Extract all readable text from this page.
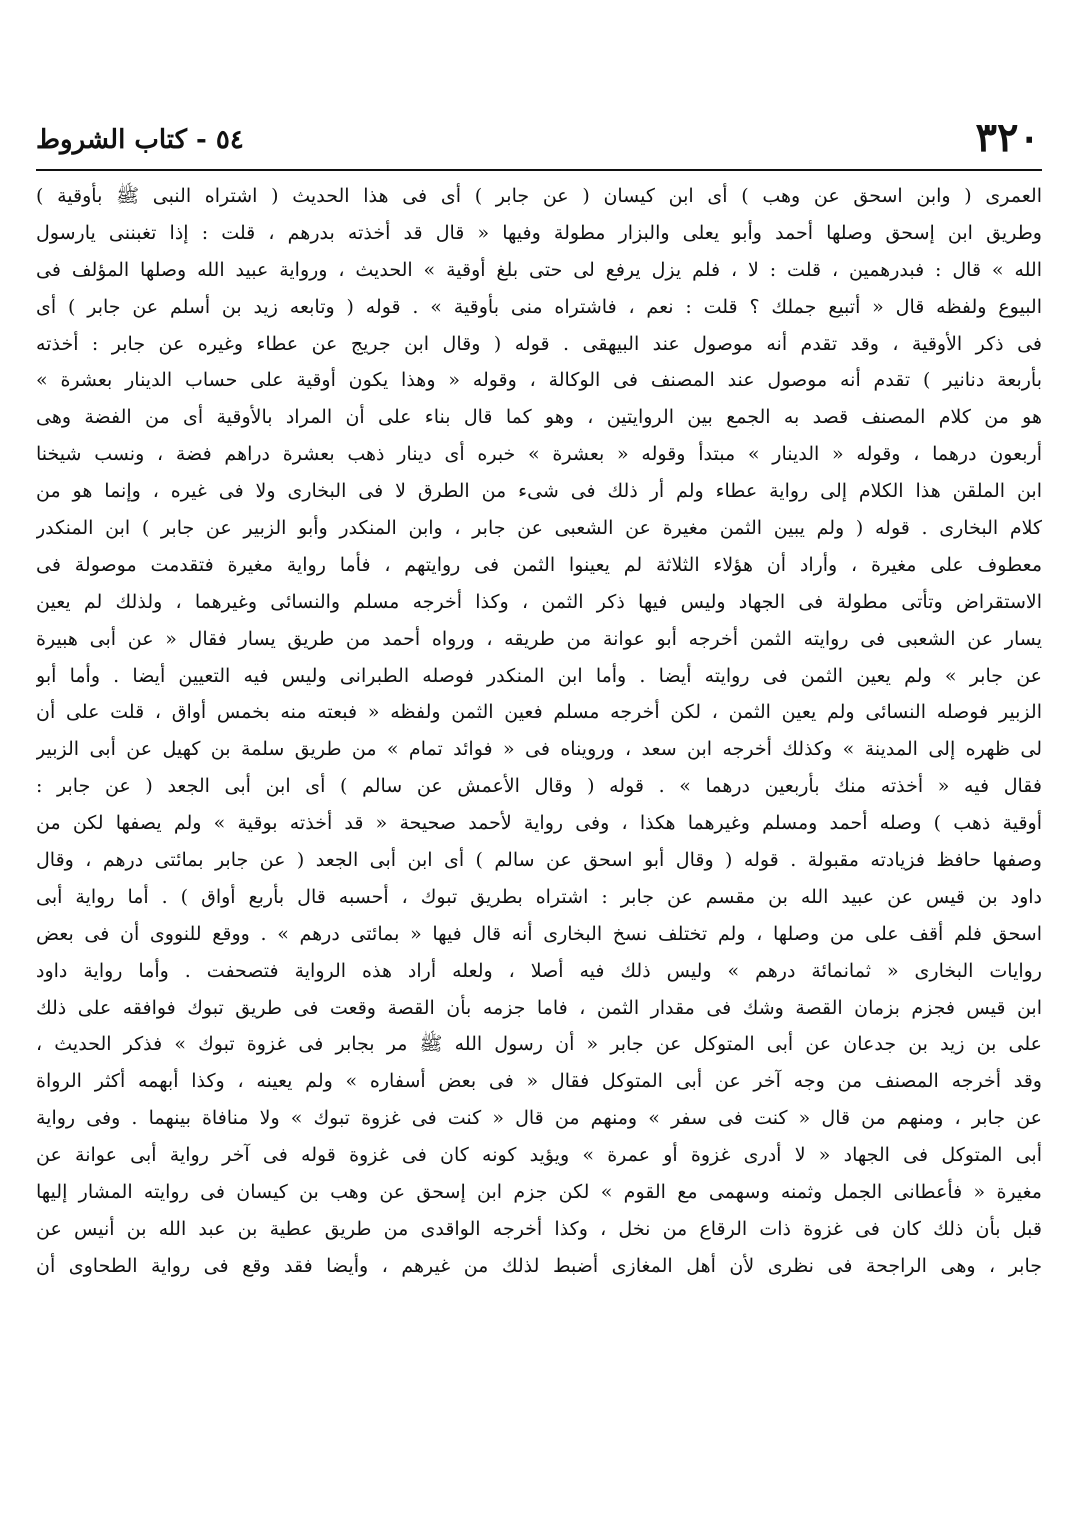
٣٢٠
٥٤ - كتاب الشروط
العمرى ( وابن اسحق عن وهب ) أى ابن كيسان ( عن جابر ) أى فى هذا الحديث ( اشتراه النبى ﷺ بأوقية )
وطريق ابن إسحق وصلها أحمد وأبو يعلى والبزار مطولة وفيها « قال قد أخذته بدرهم ، قلت : إذا تغبننى يارسول
الله » قال : فبدرهمين ، قلت : لا ، فلم يزل يرفع لى حتى بلغ أوقية » الحديث ، ورواية عبيد الله وصلها المؤلف فى
البيوع ولفظه قال « أتبيع جملك ؟ قلت : نعم ، فاشتراه منى بأوقية » . قوله ( وتابعه زيد بن أسلم عن جابر ) أى
فى ذكر الأوقية ، وقد تقدم أنه موصول عند البيهقى . قوله ( وقال ابن جريج عن عطاء وغيره عن جابر : أخذته
بأربعة دنانير ) تقدم أنه موصول عند المصنف فى الوكالة ، وقوله « وهذا يكون أوقية على حساب الدينار بعشرة »
هو من كلام المصنف قصد به الجمع بين الروايتين ، وهو كما قال بناء على أن المراد بالأوقية أى من الفضة وهى
أربعون درهما ، وقوله « الدينار » مبتدأ وقوله « بعشرة » خبره أى دينار ذهب بعشرة دراهم فضة ، ونسب شيخنا
ابن الملقن هذا الكلام إلى رواية عطاء ولم أر ذلك فى شىء من الطرق لا فى البخارى ولا فى غيره ، وإنما هو من
كلام البخارى . قوله ( ولم يبين الثمن مغيرة عن الشعبى عن جابر ، وابن المنكدر وأبو الزبير عن جابر ) ابن المنكدر
معطوف على مغيرة ، وأراد أن هؤلاء الثلاثة لم يعينوا الثمن فى روايتهم ، فأما رواية مغيرة فتقدمت موصولة فى
الاستقراض وتأتى مطولة فى الجهاد وليس فيها ذكر الثمن ، وكذا أخرجه مسلم والنسائى وغيرهما ، ولذلك لم يعين
يسار عن الشعبى فى روايته الثمن أخرجه أبو عوانة من طريقه ، ورواه أحمد من طريق يسار فقال « عن أبى هبيرة
عن جابر » ولم يعين الثمن فى روايته أيضا . وأما ابن المنكدر فوصله الطبرانى وليس فيه التعيين أيضا . وأما أبو
الزبير فوصله النسائى ولم يعين الثمن ، لكن أخرجه مسلم فعين الثمن ولفظه « فبعته منه بخمس أواق ، قلت على أن
لى ظهره إلى المدينة » وكذلك أخرجه ابن سعد ، ورويناه فى « فوائد تمام » من طريق سلمة بن كهيل عن أبى الزبير
فقال فيه « أخذته منك بأربعين درهما » . قوله ( وقال الأعمش عن سالم ) أى ابن أبى الجعد ( عن جابر :
أوقية ذهب ) وصله أحمد ومسلم وغيرهما هكذا ، وفى رواية لأحمد صحيحة « قد أخذته بوقية » ولم يصفها لكن من
وصفها حافظ فزيادته مقبولة . قوله ( وقال أبو اسحق عن سالم ) أى ابن أبى الجعد ( عن جابر بمائتى درهم ، وقال
داود بن قيس عن عبيد الله بن مقسم عن جابر : اشتراه بطريق تبوك ، أحسبه قال بأربع أواق ) . أما رواية أبى
اسحق فلم أقف على من وصلها ، ولم تختلف نسخ البخارى أنه قال فيها « بمائتى درهم » . ووقع للنووى أن فى بعض
روايات البخارى « ثمانمائة درهم » وليس ذلك فيه أصلا ، ولعله أراد هذه الرواية فتصحفت . وأما رواية داود
ابن قيس فجزم بزمان القصة وشك فى مقدار الثمن ، فاما جزمه بأن القصة وقعت فى طريق تبوك فوافقه على ذلك
على بن زيد بن جدعان عن أبى المتوكل عن جابر « أن رسول الله ﷺ مر بجابر فى غزوة تبوك » فذكر الحديث ،
وقد أخرجه المصنف من وجه آخر عن أبى المتوكل فقال « فى بعض أسفاره » ولم يعينه ، وكذا أبهمه أكثر الرواة
عن جابر ، ومنهم من قال « كنت فى سفر » ومنهم من قال « كنت فى غزوة تبوك » ولا منافاة بينهما . وفى رواية
أبى المتوكل فى الجهاد « لا أدرى غزوة أو عمرة » ويؤيد كونه كان فى غزوة قوله فى آخر رواية أبى عوانة عن
مغيرة « فأعطانى الجمل وثمنه وسهمى مع القوم » لكن جزم ابن إسحق عن وهب بن كيسان فى روايته المشار إليها
قبل بأن ذلك كان فى غزوة ذات الرقاع من نخل ، وكذا أخرجه الواقدى من طريق عطية بن عبد الله بن أنيس عن
جابر ، وهى الراجحة فى نظرى لأن أهل المغازى أضبط لذلك من غيرهم ، وأيضا فقد وقع فى رواية الطحاوى أن
